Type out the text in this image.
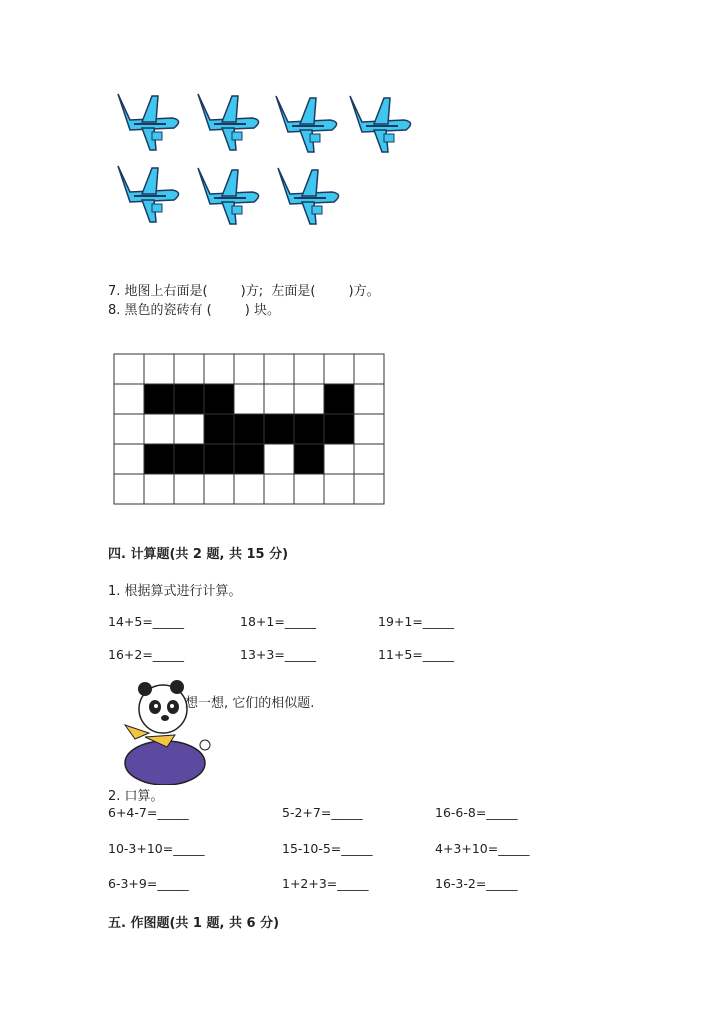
7. 地图上右面是(        )方;  左面是(        )方。
8. 黑色的瓷砖有 (        ) 块。
四. 计算题(共 2 题, 共 15 分)
1. 根据算式进行计算。
14+5=_____	18+1=_____	19+1=_____
16+2=_____	13+3=_____	11+5=_____
想一想, 它们的相似题.
2. 口算。
6+4-7=_____	5-2+7=_____	16-6-8=_____
10-3+10=_____	15-10-5=_____	4+3+10=_____
6-3+9=_____	1+2+3=_____	16-3-2=_____
五. 作图题(共 1 题, 共 6 分)
